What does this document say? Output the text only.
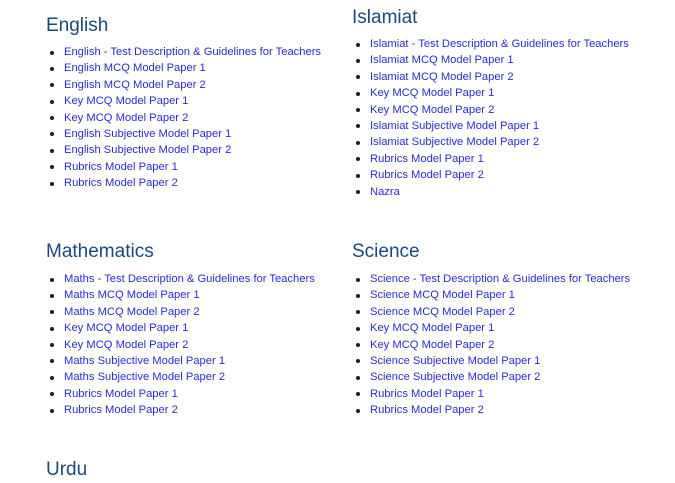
English
English - Test Description & Guidelines for Teachers
English MCQ Model Paper 1
English MCQ Model Paper 2
Key MCQ Model Paper 1
Key MCQ Model Paper 2
English Subjective Model Paper 1
English Subjective Model Paper 2
Rubrics Model Paper 1
Rubrics Model Paper 2
Islamiat
Islamiat - Test Description & Guidelines for Teachers
Islamiat MCQ Model Paper 1
Islamiat MCQ Model Paper 2
Key MCQ Model Paper 1
Key MCQ Model Paper 2
Islamiat Subjective Model Paper 1
Islamiat Subjective Model Paper 2
Rubrics Model Paper 1
Rubrics Model Paper 2
Nazra
Mathematics
Maths - Test Description & Guidelines for Teachers
Maths MCQ Model Paper 1
Maths MCQ Model Paper 2
Key MCQ Model Paper 1
Key MCQ Model Paper 2
Maths Subjective Model Paper 1
Maths Subjective Model Paper 2
Rubrics Model Paper 1
Rubrics Model Paper 2
Science
Science - Test Description & Guidelines for Teachers
Science MCQ Model Paper 1
Science MCQ Model Paper 2
Key MCQ Model Paper 1
Key MCQ Model Paper 2
Science Subjective Model Paper 1
Science Subjective Model Paper 2
Rubrics Model Paper 1
Rubrics Model Paper 2
Urdu
